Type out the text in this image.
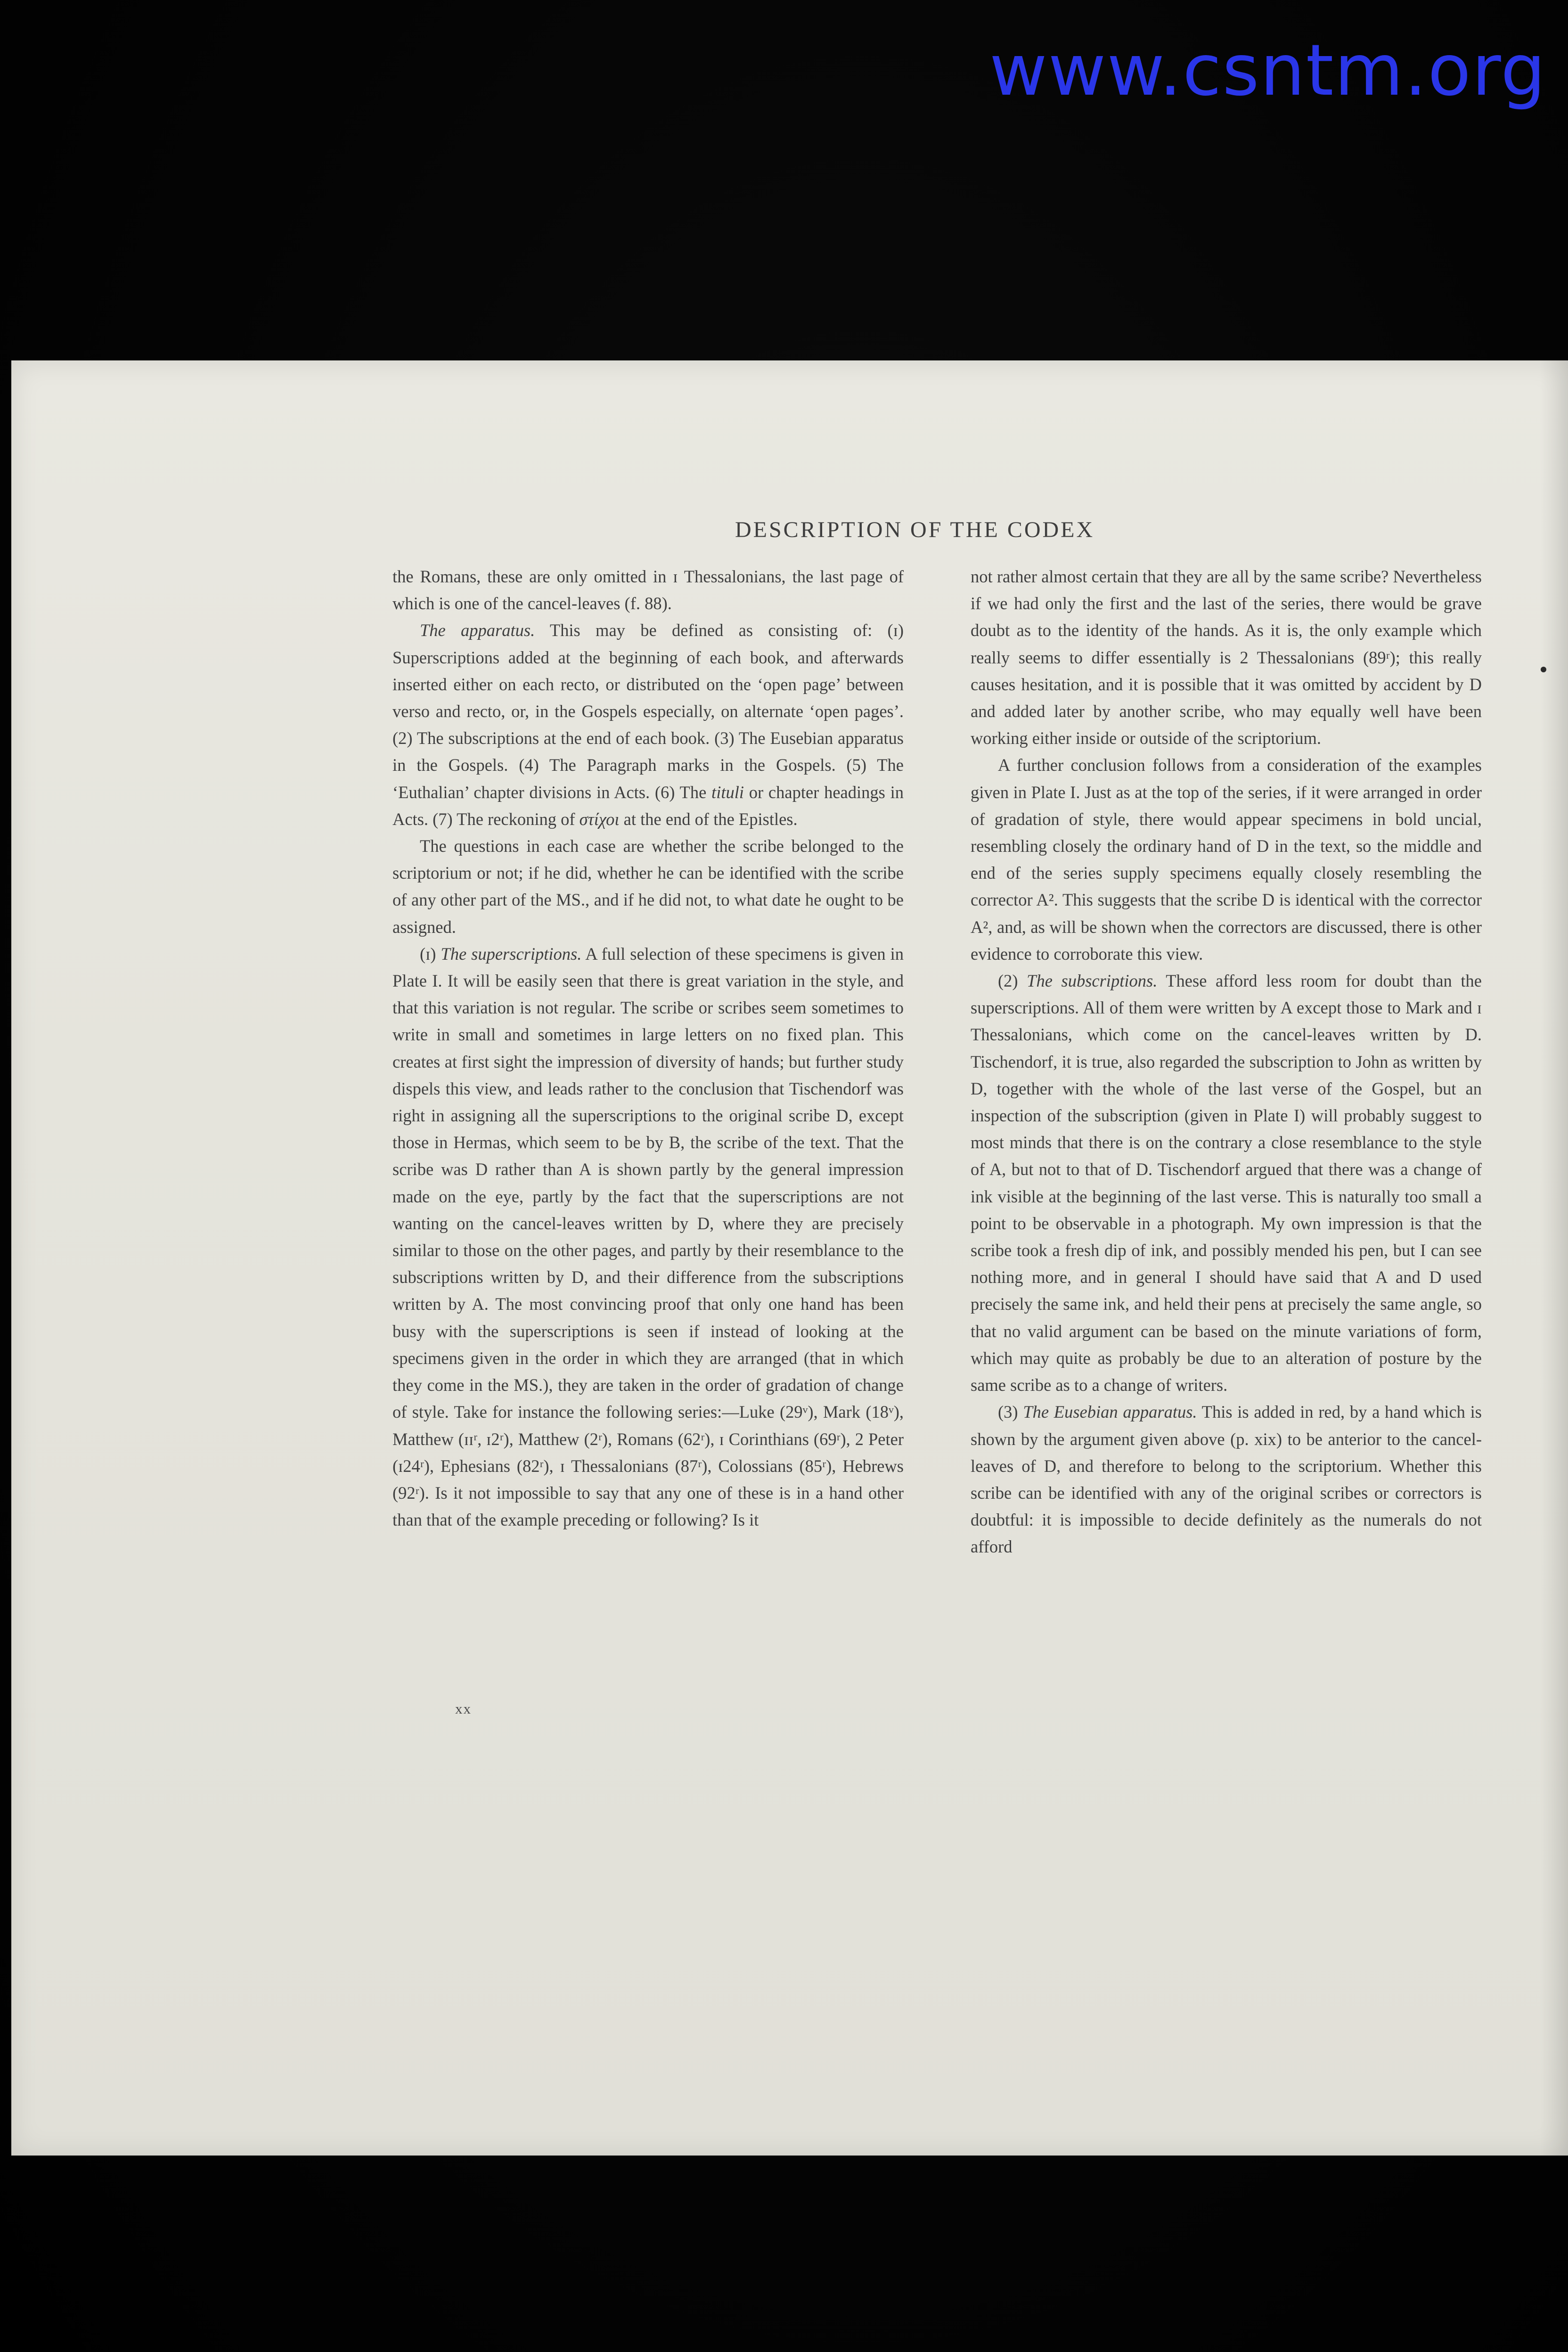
www.csntm.org
DESCRIPTION OF THE CODEX

the Romans, these are only omitted in ɪ Thessalonians, the last page of which is one of the cancel-leaves (f. 88).

The apparatus. This may be defined as consisting of: (ɪ) Superscriptions added at the beginning of each book, and afterwards inserted either on each recto, or distributed on the ‘open page’ between verso and recto, or, in the Gospels especially, on alternate ‘open pages’. (2) The subscriptions at the end of each book. (3) The Eusebian apparatus in the Gospels. (4) The Paragraph marks in the Gospels. (5) The ‘Euthalian’ chapter divisions in Acts. (6) The tituli or chapter headings in Acts. (7) The reckoning of στίχοι at the end of the Epistles.

The questions in each case are whether the scribe belonged to the scriptorium or not; if he did, whether he can be identified with the scribe of any other part of the MS., and if he did not, to what date he ought to be assigned.

(ɪ) The superscriptions. A full selection of these specimens is given in Plate I. It will be easily seen that there is great variation in the style, and that this variation is not regular. The scribe or scribes seem sometimes to write in small and sometimes in large letters on no fixed plan. This creates at first sight the impression of diversity of hands; but further study dispels this view, and leads rather to the conclusion that Tischendorf was right in assigning all the superscriptions to the original scribe D, except those in Hermas, which seem to be by B, the scribe of the text. That the scribe was D rather than A is shown partly by the general impression made on the eye, partly by the fact that the superscriptions are not wanting on the cancel-leaves written by D, where they are precisely similar to those on the other pages, and partly by their resemblance to the subscriptions written by D, and their difference from the subscriptions written by A. The most convincing proof that only one hand has been busy with the superscriptions is seen if instead of looking at the specimens given in the order in which they are arranged (that in which they come in the MS.), they are taken in the order of gradation of change of style. Take for instance the following series:—Luke (29ᵛ), Mark (18ᵛ), Matthew (ɪɪʳ, ɪ2ʳ), Matthew (2ʳ), Romans (62ʳ), ɪ Corinthians (69ʳ), 2 Peter (ɪ24ʳ), Ephesians (82ʳ), ɪ Thessalonians (87ʳ), Colossians (85ʳ), Hebrews (92ʳ). Is it not impossible to say that any one of these is in a hand other than that of the example preceding or following? Is it

not rather almost certain that they are all by the same scribe? Nevertheless if we had only the first and the last of the series, there would be grave doubt as to the identity of the hands. As it is, the only example which really seems to differ essentially is 2 Thessalonians (89ʳ); this really causes hesitation, and it is possible that it was omitted by accident by D and added later by another scribe, who may equally well have been working either inside or outside of the scriptorium.

A further conclusion follows from a consideration of the examples given in Plate I. Just as at the top of the series, if it were arranged in order of gradation of style, there would appear specimens in bold uncial, resembling closely the ordinary hand of D in the text, so the middle and end of the series supply specimens equally closely resembling the corrector A². This suggests that the scribe D is identical with the corrector A², and, as will be shown when the correctors are discussed, there is other evidence to corroborate this view.

(2) The subscriptions. These afford less room for doubt than the superscriptions. All of them were written by A except those to Mark and ɪ Thessalonians, which come on the cancel-leaves written by D. Tischendorf, it is true, also regarded the subscription to John as written by D, together with the whole of the last verse of the Gospel, but an inspection of the subscription (given in Plate I) will probably suggest to most minds that there is on the contrary a close resemblance to the style of A, but not to that of D. Tischendorf argued that there was a change of ink visible at the beginning of the last verse. This is naturally too small a point to be observable in a photograph. My own impression is that the scribe took a fresh dip of ink, and possibly mended his pen, but I can see nothing more, and in general I should have said that A and D used precisely the same ink, and held their pens at precisely the same angle, so that no valid argument can be based on the minute variations of form, which may quite as probably be due to an alteration of posture by the same scribe as to a change of writers.

(3) The Eusebian apparatus. This is added in red, by a hand which is shown by the argument given above (p. xix) to be anterior to the cancel-leaves of D, and therefore to belong to the scriptorium. Whether this scribe can be identified with any of the original scribes or correctors is doubtful: it is impossible to decide definitely as the numerals do not afford

xx
